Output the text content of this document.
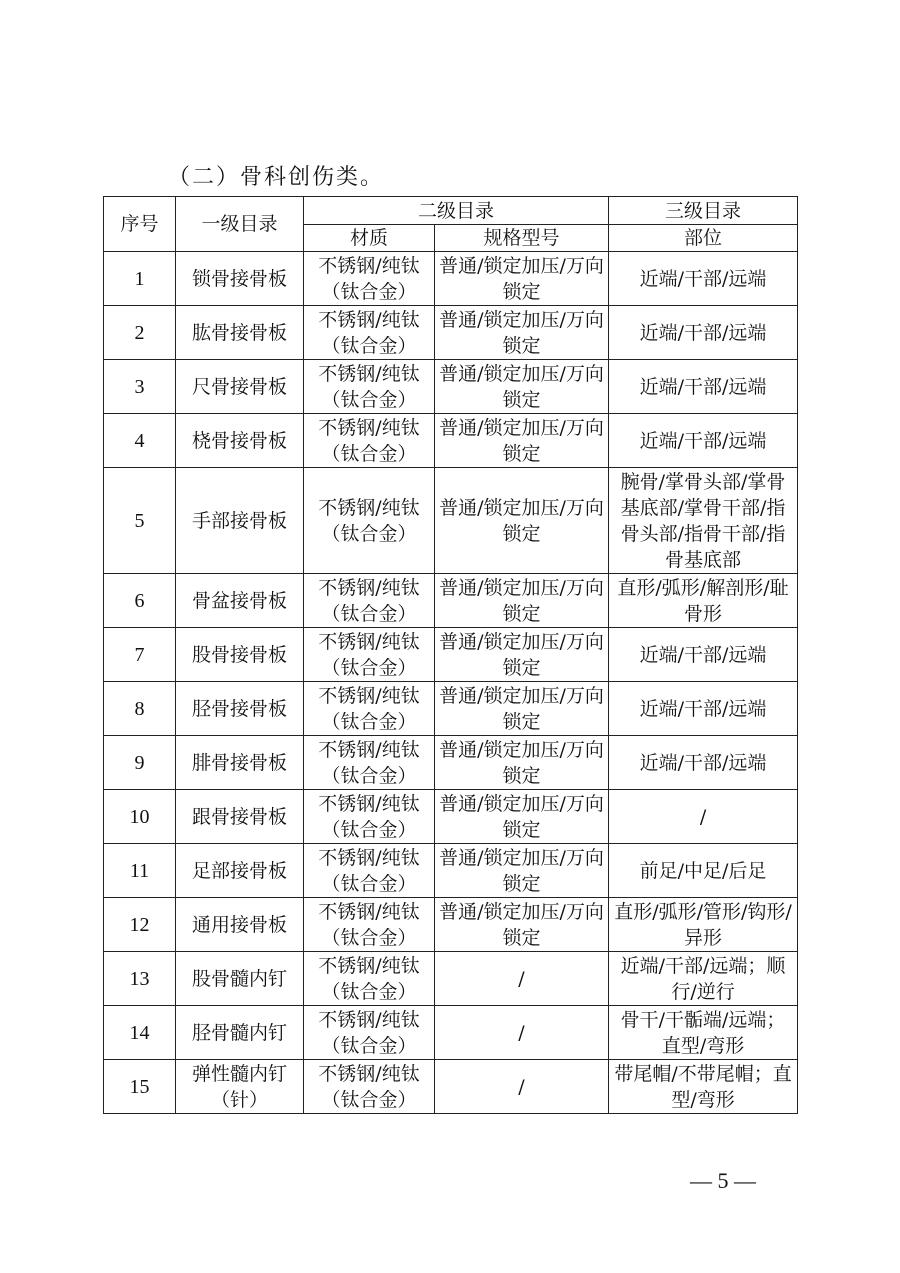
（二）骨科创伤类。
序号	一级目录	二级目录		三级目录
		材质	规格型号	部位
1	锁骨接骨板	不锈钢/纯钛（钛合金）	普通/锁定加压/万向锁定	近端/干部/远端
2	肱骨接骨板	不锈钢/纯钛（钛合金）	普通/锁定加压/万向锁定	近端/干部/远端
3	尺骨接骨板	不锈钢/纯钛（钛合金）	普通/锁定加压/万向锁定	近端/干部/远端
4	桡骨接骨板	不锈钢/纯钛（钛合金）	普通/锁定加压/万向锁定	近端/干部/远端
5	手部接骨板	不锈钢/纯钛（钛合金）	普通/锁定加压/万向锁定	腕骨/掌骨头部/掌骨基底部/掌骨干部/指骨头部/指骨干部/指骨基底部
6	骨盆接骨板	不锈钢/纯钛（钛合金）	普通/锁定加压/万向锁定	直形/弧形/解剖形/耻骨形
7	股骨接骨板	不锈钢/纯钛（钛合金）	普通/锁定加压/万向锁定	近端/干部/远端
8	胫骨接骨板	不锈钢/纯钛（钛合金）	普通/锁定加压/万向锁定	近端/干部/远端
9	腓骨接骨板	不锈钢/纯钛（钛合金）	普通/锁定加压/万向锁定	近端/干部/远端
10	跟骨接骨板	不锈钢/纯钛（钛合金）	普通/锁定加压/万向锁定	/
11	足部接骨板	不锈钢/纯钛（钛合金）	普通/锁定加压/万向锁定	前足/中足/后足
12	通用接骨板	不锈钢/纯钛（钛合金）	普通/锁定加压/万向锁定	直形/弧形/管形/钩形/异形
13	股骨髓内钉	不锈钢/纯钛（钛合金）	/	近端/干部/远端；顺行/逆行
14	胫骨髓内钉	不锈钢/纯钛（钛合金）	/	骨干/干骺端/远端；直型/弯形
15	弹性髓内钉（针）	不锈钢/纯钛（钛合金）	/	带尾帽/不带尾帽；直型/弯形
— 5 —
